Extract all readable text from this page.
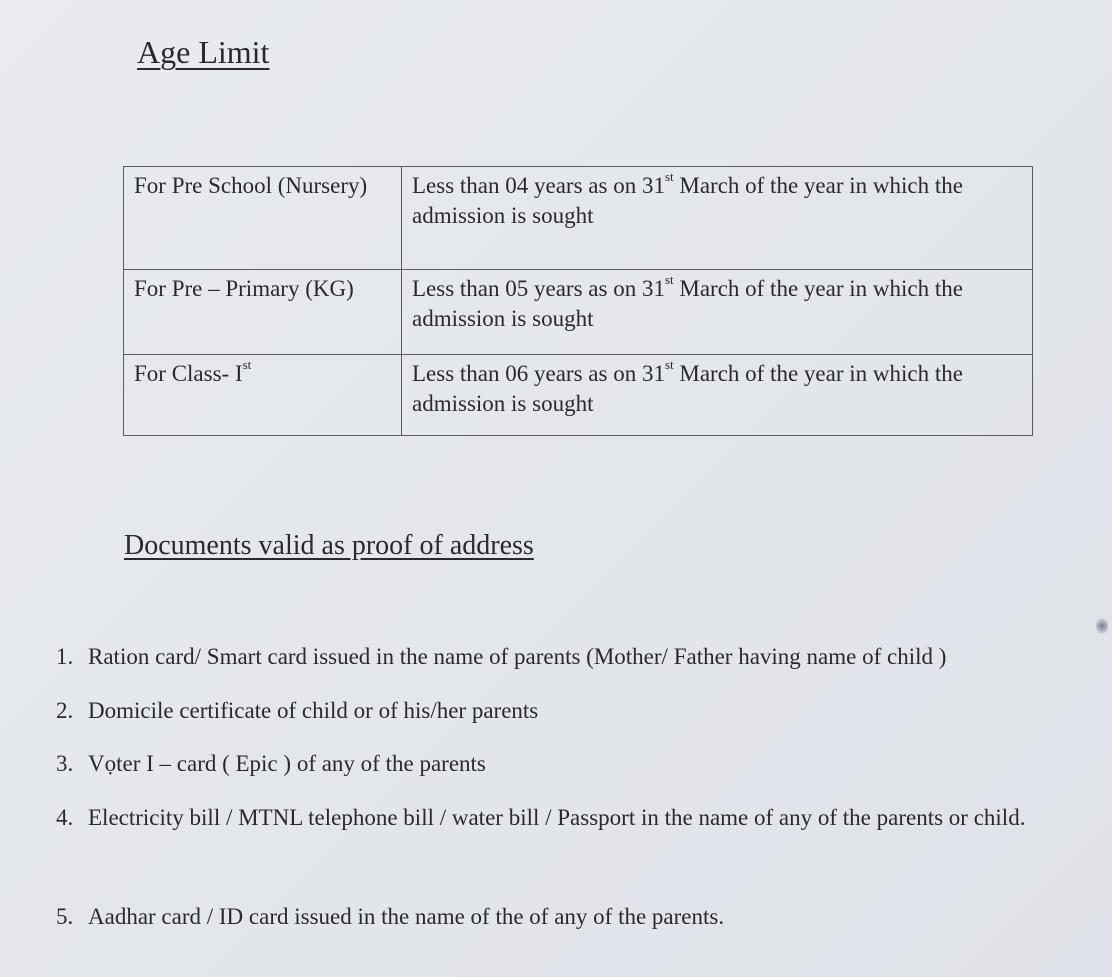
Age Limit
For Pre School (Nursery)	Less than 04 years as on 31st March of the year in which the admission is sought
For Pre – Primary (KG)	Less than 05 years as on 31st March of the year in which the admission is sought
For Class- Ist	Less than 06 years as on 31st March of the year in which the admission is sought
Documents valid as proof of address
1. Ration card/ Smart card issued in the name of parents (Mother/ Father having name of child )
2. Domicile certificate of child or of his/her parents
3. Vọter I – card ( Epic ) of any of the parents
4. Electricity bill / MTNL telephone bill / water bill / Passport in the name of any of the parents or child.
5. Aadhar card / ID card issued in the name of the of any of the parents.
